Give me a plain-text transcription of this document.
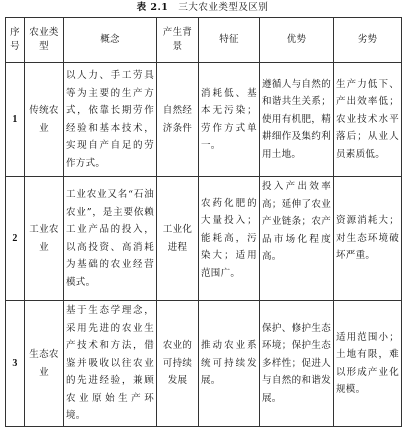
表 2.1 三大农业类型及区别
序号	农业类型	概念	产生背景	特征	优势	劣势
1	传统农业	以人力、手工劳具等为主要的生产方式，依靠长期劳作经验和基本技术，实现自产自足的劳作方式。	自然经济条件	消耗低、基本无污染；劳作方式单一。	遵循人与自然的和谐共生关系；使用有机肥，精耕细作及集约利用土地。	生产力低下、产出效率低；农业技术水平落后；从业人员素质低。
2	工业农业	工业农业又名“石油农业”，是主要依赖工业产品的投入，以高投资、高消耗为基础的农业经营模式。	工业化进程	农药化肥的大量投入；能耗高，污染大；适用范围广。	投入产出效率高；延伸了农业产业链条；农产品市场化程度高。	资源消耗大；对生态环境破坏严重。
3	生态农业	基于生态学理念，采用先进的农业生产技术和方法，借鉴并吸收以往农业的先进经验，兼顾农业原始生产环境。	农业的可持续发展	推动农业系统可持续发展。	保护、修护生态环境；保护生态多样性；促进人与自然的和谐发展。	适用范围小；土地有限，难以形成产业化规模。
